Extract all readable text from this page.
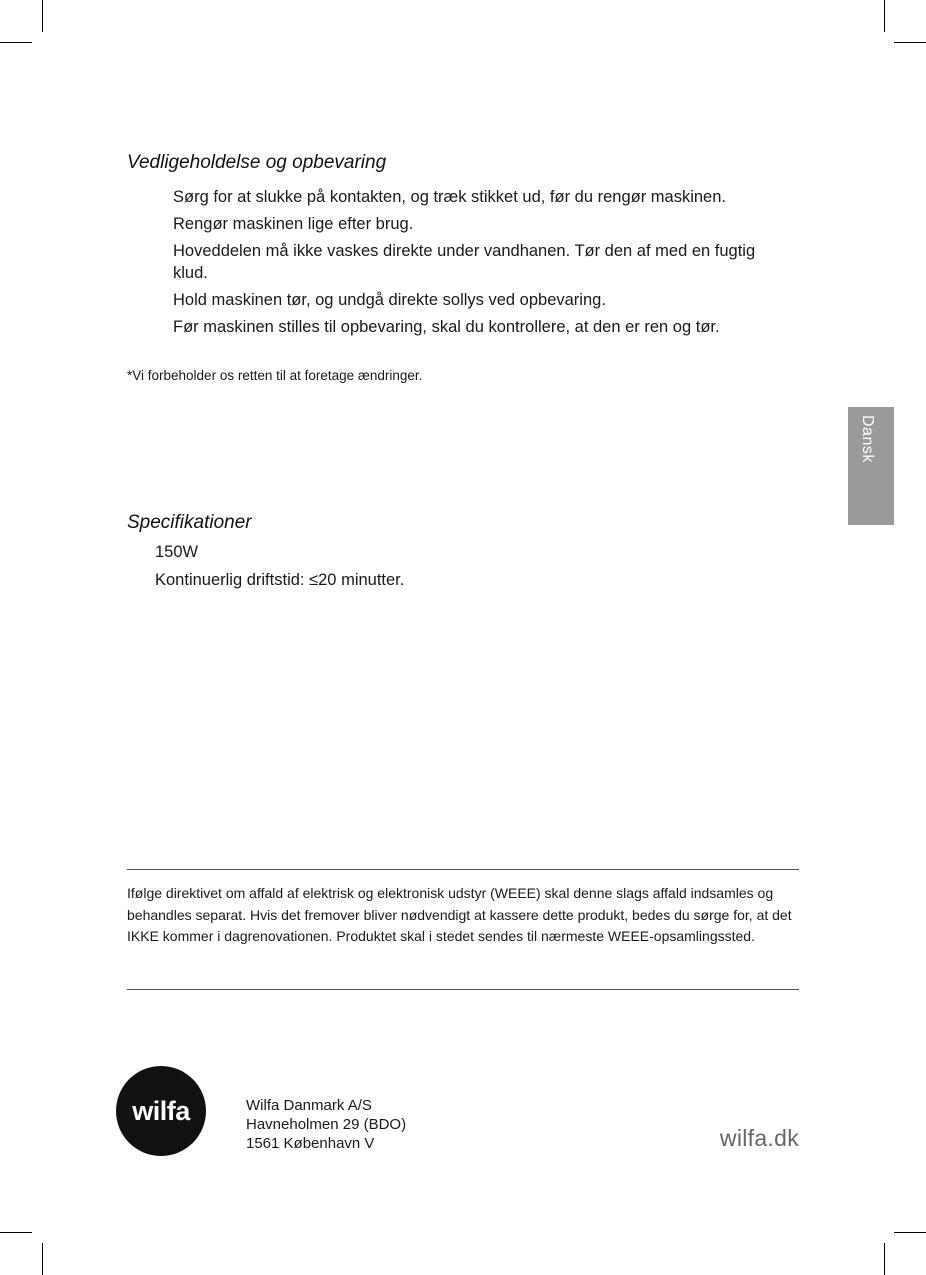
Vedligeholdelse og opbevaring
Sørg for at slukke på kontakten, og træk stikket ud, før du rengør maskinen.
Rengør maskinen lige efter brug.
Hoveddelen må ikke vaskes direkte under vandhanen. Tør den af med en fugtig klud.
Hold maskinen tør, og undgå direkte sollys ved opbevaring.
Før maskinen stilles til opbevaring, skal du kontrollere, at den er ren og tør.
*Vi forbeholder os retten til at foretage ændringer.
Specifikationer
150W
Kontinuerlig driftstid: ≤20 minutter.

Ifølge direktivet om affald af elektrisk og elektronisk udstyr (WEEE) skal denne slags affald indsamles og behandles separat. Hvis det fremover bliver nødvendigt at kassere dette produkt, bedes du sørge for, at det IKKE kommer i dagrenovationen. Produktet skal i stedet sendes til nærmeste WEEE-opsamlingssted.

Dansk
wilfa	Wilfa Danmark A/S
Havneholmen 29 (BDO)
1561 København V	wilfa.dk
